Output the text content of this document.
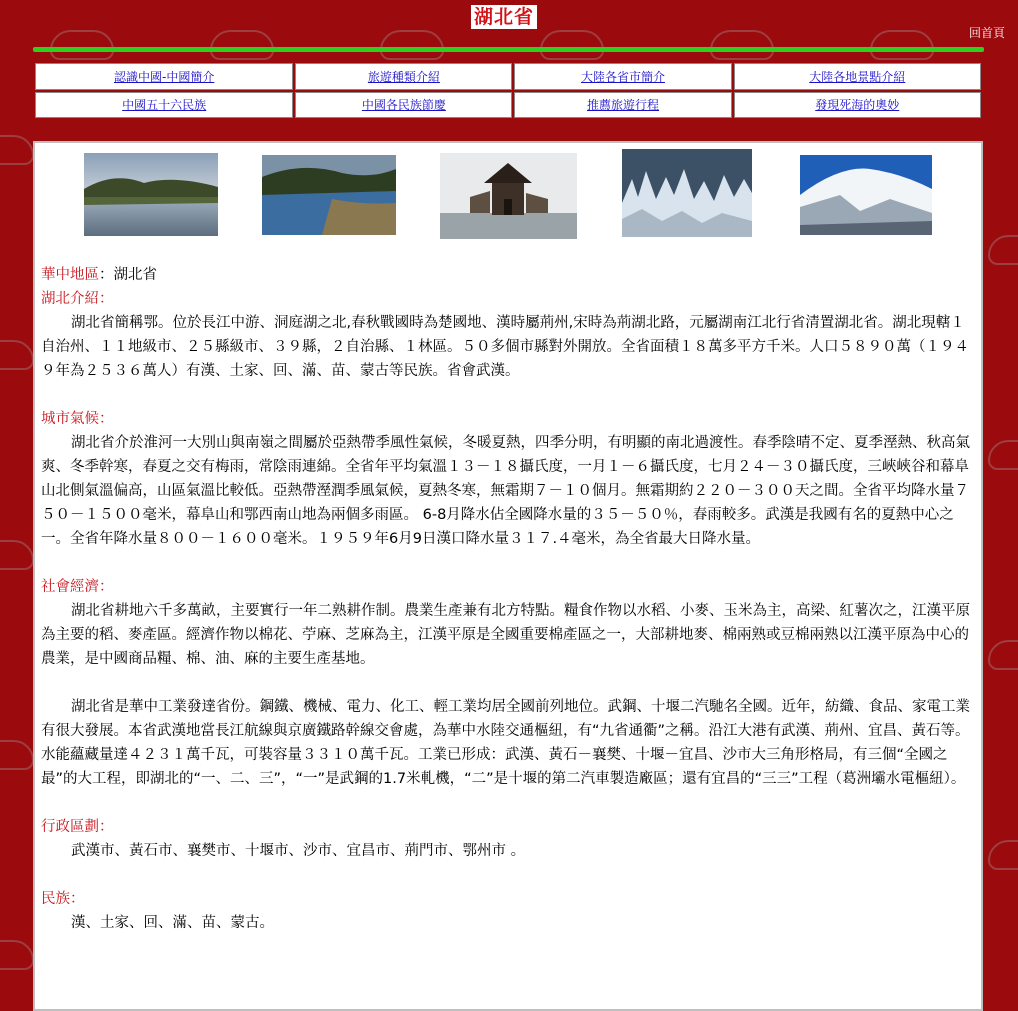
湖北省
回首頁
認識中國-中國簡介	旅遊種類介紹	大陸各省市簡介	大陸各地景點介紹
中國五十六民族	中國各民族節慶	推薦旅遊行程	發現死海的奧妙

華中地區：湖北省

湖北介紹：

湖北省簡稱鄂。位於長江中游、洞庭湖之北,春秋戰國時為楚國地、漢時屬荊州,宋時為荊湖北路，元屬湖南江北行省清置湖北省。湖北現轄１自治州、１１地級市、２５縣級市、３９縣，２自治縣、１林區。５０多個市縣對外開放。全省面積１８萬多平方千米。人口５８９０萬（１９４９年為２５３６萬人）有漢、土家、回、滿、苗、蒙古等民族。省會武漢。

城市氣候：

湖北省介於淮河一大別山與南嶺之間屬於亞熱帶季風性氣候，冬暖夏熱，四季分明，有明顯的南北過渡性。春季陰晴不定、夏季溼熱、秋高氣爽、冬季幹寒，春夏之交有梅雨，常陰雨連綿。全省年平均氣溫１３－１８攝氏度，一月１－６攝氏度，七月２４－３０攝氏度，三峽峽谷和幕阜山北側氣溫偏高，山區氣溫比較低。亞熱帶溼潤季風氣候，夏熱冬寒，無霜期７－１０個月。無霜期約２２０－３００天之間。全省平均降水量７５０－１５００毫米，幕阜山和鄂西南山地為兩個多雨區。 6-8月降水佔全國降水量的３５－５０％，春雨較多。武漢是我國有名的夏熱中心之一。全省年降水量８００－１６００毫米。１９５９年6月9日漢口降水量３１７.４毫米，為全省最大日降水量。

社會經濟：

湖北省耕地六千多萬畝，主要實行一年二熟耕作制。農業生產兼有北方特點。糧食作物以水稻、小麥、玉米為主，高梁、紅薯次之，江漢平原為主要的稻、麥產區。經濟作物以棉花、苧麻、芝麻為主，江漢平原是全國重要棉產區之一，大部耕地麥、棉兩熟或豆棉兩熟以江漢平原為中心的農業，是中國商品糧、棉、油、麻的主要生產基地。

湖北省是華中工業發達省份。鋼鐵、機械、電力、化工、輕工業均居全國前列地位。武鋼、十堰二汽馳名全國。近年，紡織、食品、家電工業有很大發展。本省武漢地當長江航線與京廣鐵路幹線交會處，為華中水陸交通樞紐，有“九省通衢”之稱。沿江大港有武漢、荊州、宜昌、黃石等。水能蘊藏量達４２３１萬千瓦，可裝容量３３１０萬千瓦。工業已形成：武漢、黃石－襄樊、十堰－宜昌、沙市大三角形格局，有三個“全國之最”的大工程，即湖北的“一、二、三”，“一”是武鋼的1.7米軋機，“二”是十堰的第二汽車製造廠區；還有宜昌的“三三”工程（葛洲壩水電樞紐）。

行政區劃：

武漢市、黃石市、襄樊市、十堰市、沙市、宜昌市、荊門市、鄂州市 。

民族：

漢、土家、回、滿、苗、蒙古。
